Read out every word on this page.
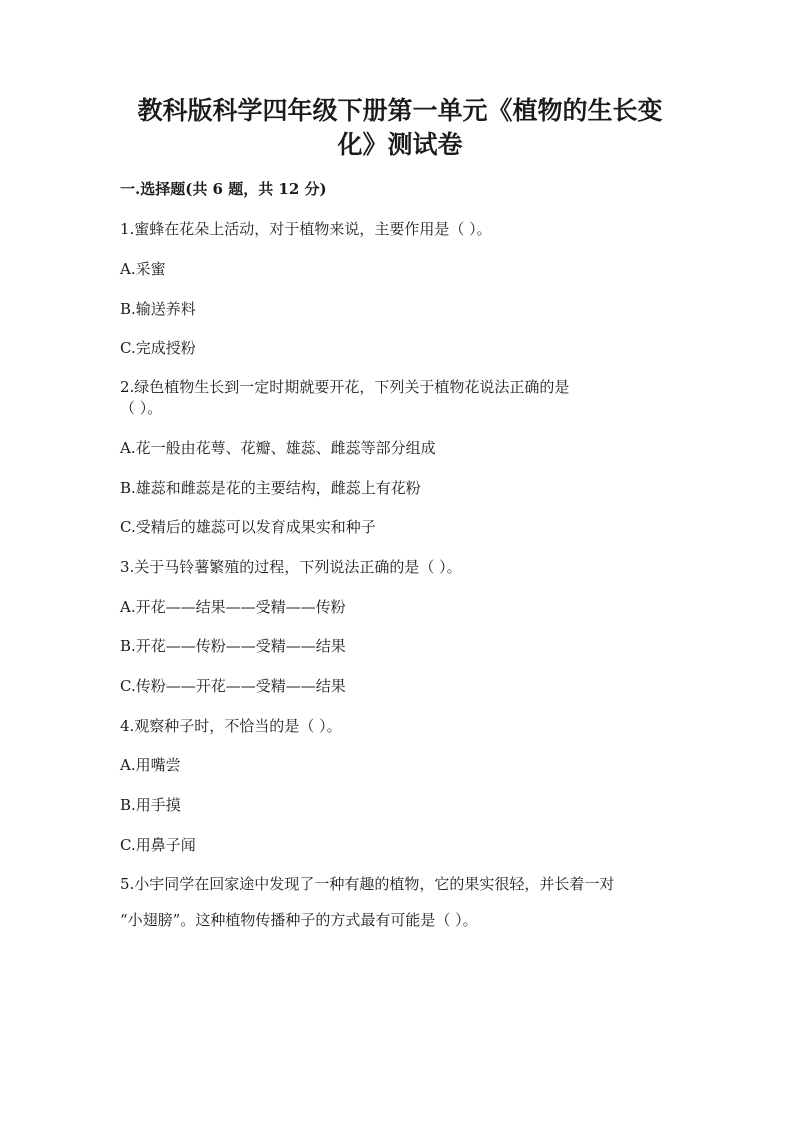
教科版科学四年级下册第一单元《植物的生长变
化》测试卷
一.选择题(共 6 题，共 12 分)
1.蜜蜂在花朵上活动，对于植物来说，主要作用是（ ）。
A.采蜜
B.输送养料
C.完成授粉
2.绿色植物生长到一定时期就要开花，下列关于植物花说法正确的是
（ ）。
A.花一般由花萼、花瓣、雄蕊、雌蕊等部分组成
B.雄蕊和雌蕊是花的主要结构，雌蕊上有花粉
C.受精后的雄蕊可以发育成果实和种子
3.关于马铃薯繁殖的过程，下列说法正确的是（ ）。
A.开花——结果——受精——传粉
B.开花——传粉——受精——结果
C.传粉——开花——受精——结果
4.观察种子时，不恰当的是（ ）。
A.用嘴尝
B.用手摸
C.用鼻子闻
5.小宇同学在回家途中发现了一种有趣的植物，它的果实很轻，并长着一对
“小翅膀”。这种植物传播种子的方式最有可能是（ ）。
